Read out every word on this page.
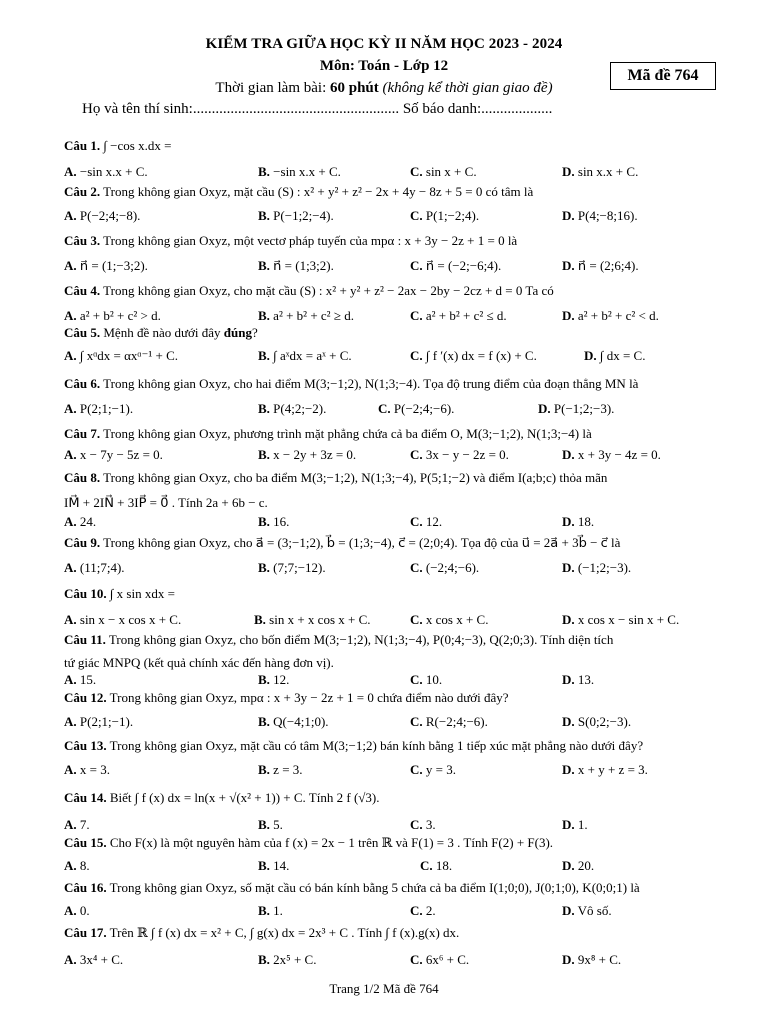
KIỂM TRA GIỮA HỌC KỲ II NĂM HỌC 2023 - 2024
Môn: Toán - Lớp 12
Thời gian làm bài: 60 phút (không kể thời gian giao đề)
Họ và tên thí sinh:....................................................... Số báo danh:...................
Mã đề 764
Câu 1. ∫ −cos x.dx =
A. −sin x.x + C.	B. −sin x.x + C.	C. sin x + C.	D. sin x.x + C.
Câu 2. Trong không gian Oxyz, mặt cầu (S) : x² + y² + z² − 2x + 4y − 8z + 5 = 0 có tâm là
A. P(−2;4;−8).	B. P(−1;2;−4).	C. P(1;−2;4).	D. P(4;−8;16).
Câu 3. Trong không gian Oxyz, một vectơ pháp tuyến của mpα : x + 3y − 2z + 1 = 0 là
A. n⃗ = (1;−3;2).	B. n⃗ = (1;3;2).	C. n⃗ = (−2;−6;4).	D. n⃗ = (2;6;4).
Câu 4. Trong không gian Oxyz, cho mặt cầu (S) : x² + y² + z² − 2ax − 2by − 2cz + d = 0 Ta có
A. a² + b² + c² > d.	B. a² + b² + c² ≥ d.	C. a² + b² + c² ≤ d.	D. a² + b² + c² < d.
Câu 5. Mệnh đề nào dưới đây đúng?
A. ∫ xᵅdx = αxᵅ⁻¹ + C.	B. ∫ aˣdx = aˣ + C.	C. ∫ f ′(x) dx = f (x) + C.	D. ∫ dx = C.
Câu 6. Trong không gian Oxyz, cho hai điểm M(3;−1;2), N(1;3;−4). Tọa độ trung điểm của đoạn thẳng MN là
A. P(2;1;−1).	B. P(4;2;−2).	C. P(−2;4;−6).	D. P(−1;2;−3).
Câu 7. Trong không gian Oxyz, phương trình mặt phẳng chứa cả ba điểm O, M(3;−1;2), N(1;3;−4) là
A. x − 7y − 5z = 0.	B. x − 2y + 3z = 0.	C. 3x − y − 2z = 0.	D. x + 3y − 4z = 0.
Câu 8. Trong không gian Oxyz, cho ba điểm M(3;−1;2), N(1;3;−4), P(5;1;−2) và điểm I(a;b;c) thỏa mãn
IM⃗ + 2IN⃗ + 3IP⃗ = 0⃗ . Tính 2a + 6b − c.
A. 24.	B. 16.	C. 12.	D. 18.
Câu 9. Trong không gian Oxyz, cho a⃗ = (3;−1;2), b⃗ = (1;3;−4), c⃗ = (2;0;4). Tọa độ của u⃗ = 2a⃗ + 3b⃗ − c⃗ là
A. (11;7;4).	B. (7;7;−12).	C. (−2;4;−6).	D. (−1;2;−3).
Câu 10. ∫ x sin xdx =
A. sin x − x cos x + C.	B. sin x + x cos x + C.	C. x cos x + C.	D. x cos x − sin x + C.
Câu 11. Trong không gian Oxyz, cho bốn điểm M(3;−1;2), N(1;3;−4), P(0;4;−3), Q(2;0;3). Tính diện tích
tứ giác MNPQ (kết quả chính xác đến hàng đơn vị).
A. 15.	B. 12.	C. 10.	D. 13.
Câu 12. Trong không gian Oxyz, mpα : x + 3y − 2z + 1 = 0 chứa điểm nào dưới đây?
A. P(2;1;−1).	B. Q(−4;1;0).	C. R(−2;4;−6).	D. S(0;2;−3).
Câu 13. Trong không gian Oxyz, mặt cầu có tâm M(3;−1;2) bán kính bằng 1 tiếp xúc mặt phẳng nào dưới đây?
A. x = 3.	B. z = 3.	C. y = 3.	D. x + y + z = 3.
Câu 14. Biết ∫ f (x) dx = ln(x + √(x² + 1)) + C. Tính 2 f (√3).
A. 7.	B. 5.	C. 3.	D. 1.
Câu 15. Cho F(x) là một nguyên hàm của f (x) = 2x − 1 trên ℝ và F(1) = 3 . Tính F(2) + F(3).
A. 8.	B. 14.	C. 18.	D. 20.
Câu 16. Trong không gian Oxyz, số mặt cầu có bán kính bằng 5 chứa cả ba điểm I(1;0;0), J(0;1;0), K(0;0;1) là
A. 0.	B. 1.	C. 2.	D. Vô số.
Câu 17. Trên ℝ ∫ f (x) dx = x² + C, ∫ g(x) dx = 2x³ + C . Tính ∫ f (x).g(x) dx.
A. 3x⁴ + C.	B. 2x⁵ + C.	C. 6x⁶ + C.	D. 9x⁸ + C.
Trang 1/2 Mã đề 764
